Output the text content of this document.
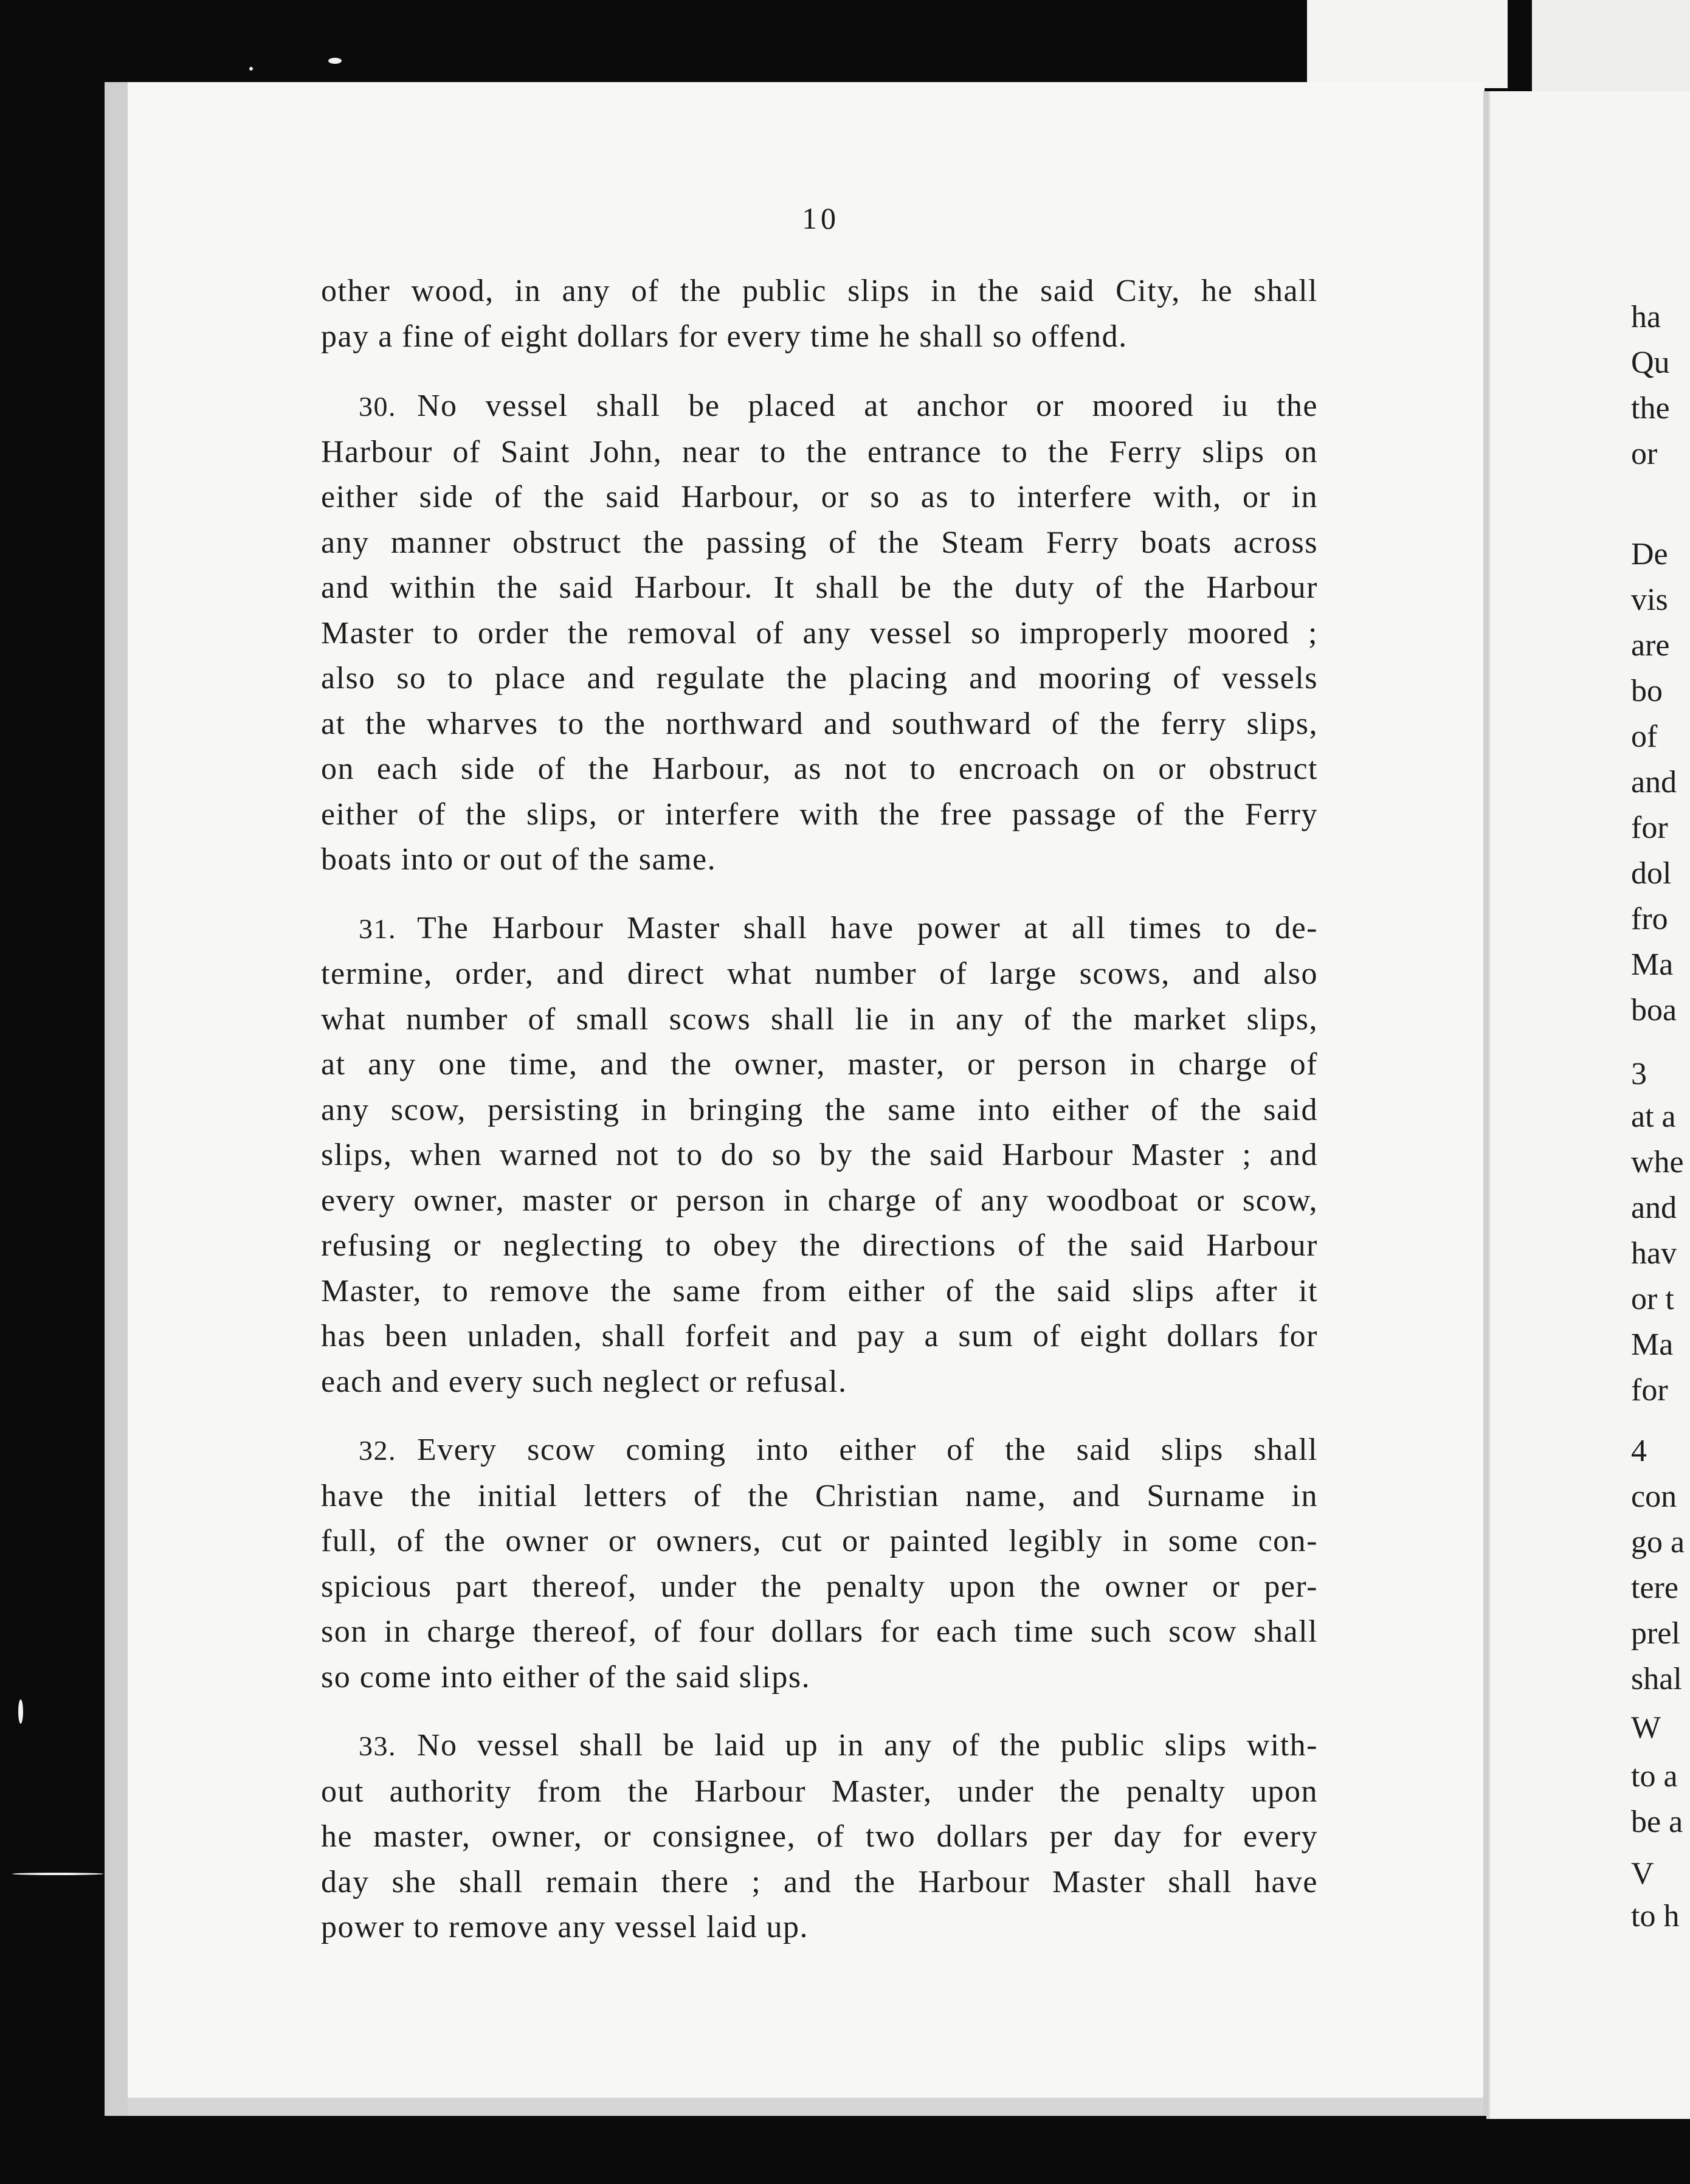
10
other wood, in any of the public slips in the said City, he shall
pay a fine of eight dollars for every time he shall so offend.
30. No vessel shall be placed at anchor or moored iu the
Harbour of Saint John, near to the entrance to the Ferry slips on
either side of the said Harbour, or so as to interfere with, or in
any manner obstruct the passing of the Steam Ferry boats across
and within the said Harbour. It shall be the duty of the Harbour
Master to order the removal of any vessel so improperly moored ;
also so to place and regulate the placing and mooring of vessels
at the wharves to the northward and southward of the ferry slips,
on each side of the Harbour, as not to encroach on or obstruct
either of the slips, or interfere with the free passage of the Ferry
boats into or out of the same.
31. The Harbour Master shall have power at all times to de-
termine, order, and direct what number of large scows, and also
what number of small scows shall lie in any of the market slips,
at any one time, and the owner, master, or person in charge of
any scow, persisting in bringing the same into either of the said
slips, when warned not to do so by the said Harbour Master ; and
every owner, master or person in charge of any woodboat or scow,
refusing or neglecting to obey the directions of the said Harbour
Master, to remove the same from either of the said slips after it
has been unladen, shall forfeit and pay a sum of eight dollars for
each and every such neglect or refusal.
32. Every scow coming into either of the said slips shall
have the initial letters of the Christian name, and Surname in
full, of the owner or owners, cut or painted legibly in some con-
spicious part thereof, under the penalty upon the owner or per-
son in charge thereof, of four dollars for each time such scow shall
so come into either of the said slips.
33. No vessel shall be laid up in any of the public slips with-
out authority from the Harbour Master, under the penalty upon
he master, owner, or consignee, of two dollars per day for every
day she shall remain there ; and the Harbour Master shall have
power to remove any vessel laid up.
ha
Qu
the
or
De
vis
are
bo
of
and
for
dol
fro
Ma
boa
3
at a
whe
and
hav
or t
Ma
for
4
con
go a
tere
prel
shal
W
to a
be a
V
to h
